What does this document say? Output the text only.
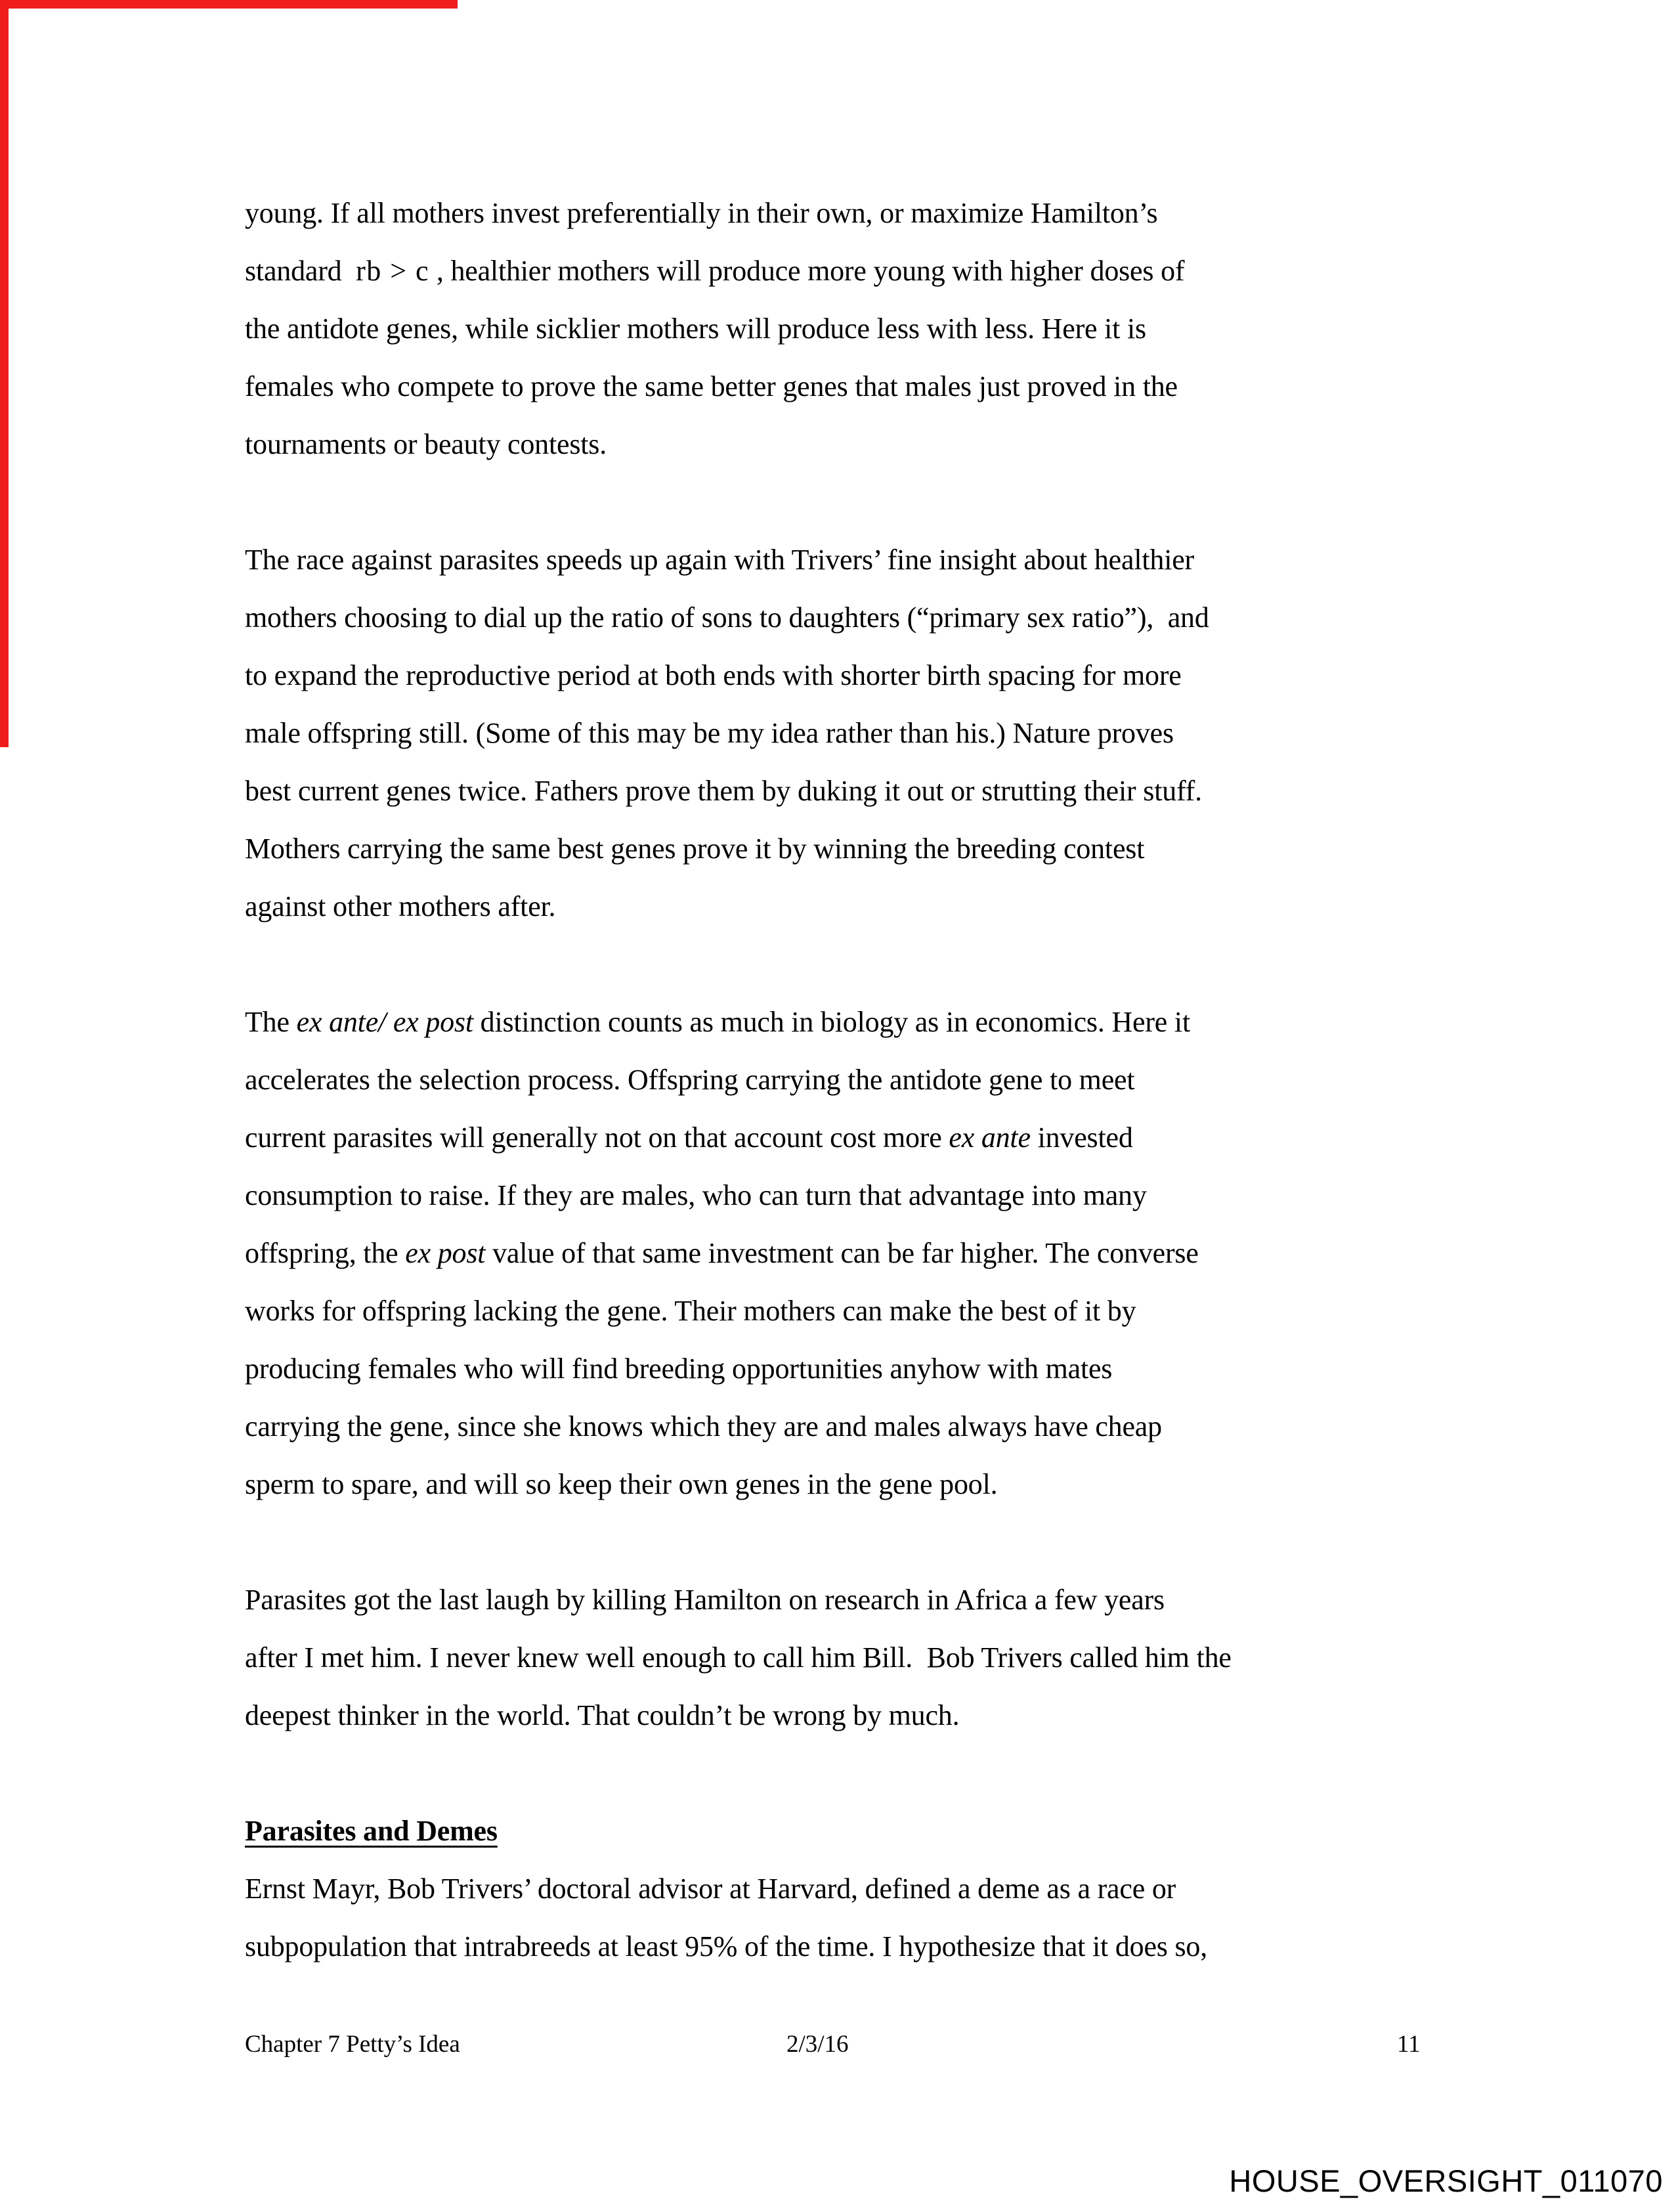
young. If all mothers invest preferentially in their own, or maximize Hamilton’s
standard  rb > c , healthier mothers will produce more young with higher doses of
the antidote genes, while sicklier mothers will produce less with less. Here it is
females who compete to prove the same better genes that males just proved in the
tournaments or beauty contests.
The race against parasites speeds up again with Trivers’ fine insight about healthier
mothers choosing to dial up the ratio of sons to daughters (“primary sex ratio”),  and
to expand the reproductive period at both ends with shorter birth spacing for more
male offspring still. (Some of this may be my idea rather than his.) Nature proves
best current genes twice. Fathers prove them by duking it out or strutting their stuff.
Mothers carrying the same best genes prove it by winning the breeding contest
against other mothers after.
The ex ante/ ex post distinction counts as much in biology as in economics. Here it
accelerates the selection process. Offspring carrying the antidote gene to meet
current parasites will generally not on that account cost more ex ante invested
consumption to raise. If they are males, who can turn that advantage into many
offspring, the ex post value of that same investment can be far higher. The converse
works for offspring lacking the gene. Their mothers can make the best of it by
producing females who will find breeding opportunities anyhow with mates
carrying the gene, since she knows which they are and males always have cheap
sperm to spare, and will so keep their own genes in the gene pool.
Parasites got the last laugh by killing Hamilton on research in Africa a few years
after I met him. I never knew well enough to call him Bill.  Bob Trivers called him the
deepest thinker in the world. That couldn’t be wrong by much.
Parasites and Demes
Ernst Mayr, Bob Trivers’ doctoral advisor at Harvard, defined a deme as a race or
subpopulation that intrabreeds at least 95% of the time. I hypothesize that it does so,
Chapter 7 Petty’s Idea	2/3/16	11
HOUSE_OVERSIGHT_011070
